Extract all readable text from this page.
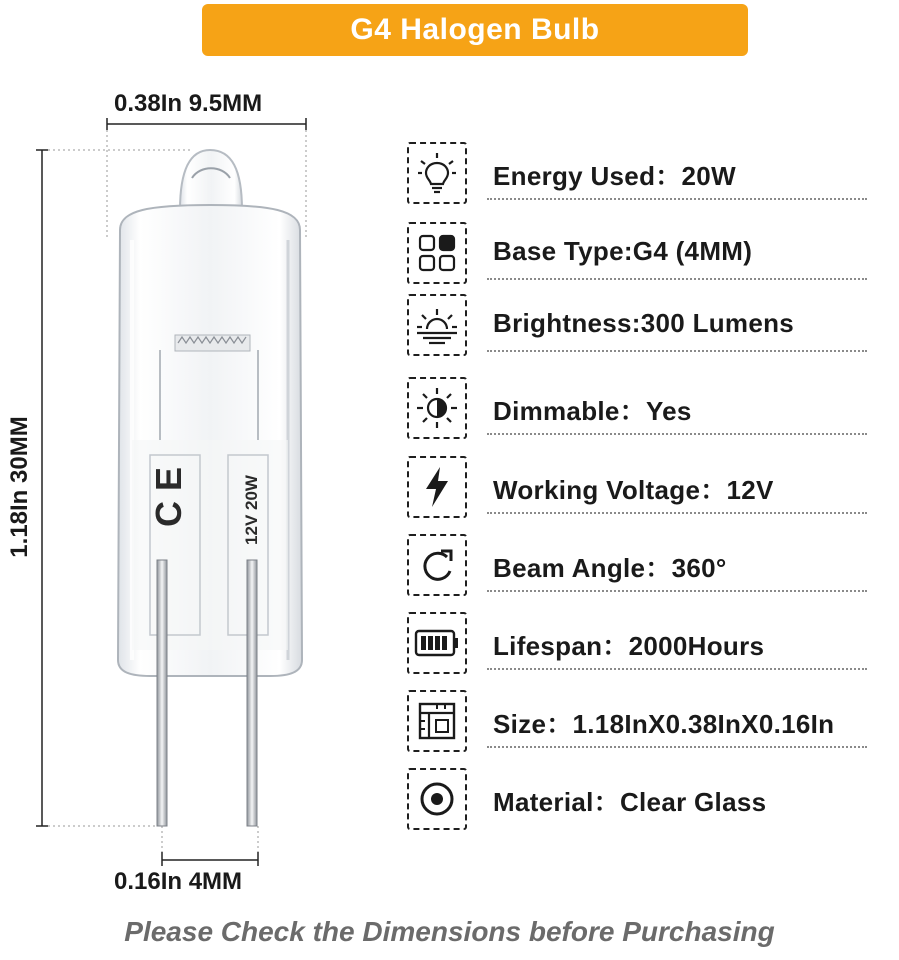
G4 Halogen Bulb
0.38In 9.5MM
0.16In 4MM
1.18In 30MM	CE	12V 20W
Energy Used：20W
Base Type:G4 (4MM)
Brightness:300 Lumens
Dimmable：Yes
Working Voltage：12V
Beam Angle：360°
Lifespan：2000Hours
Size：1.18InX0.38InX0.16In
Material：Clear Glass
Please Check the Dimensions before Purchasing
